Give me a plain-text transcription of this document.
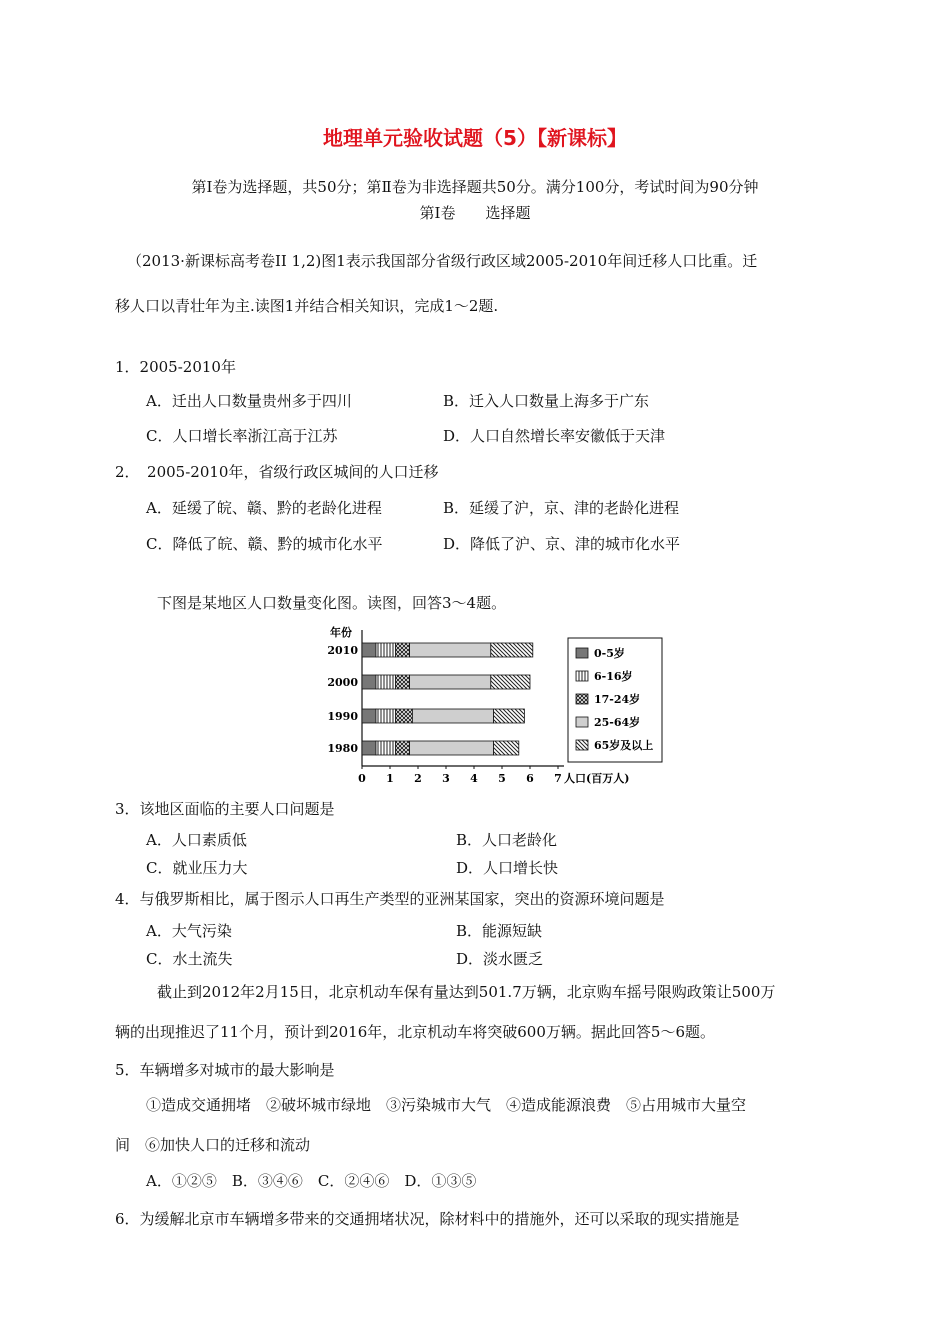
地理单元验收试题（5）【新课标】
第Ⅰ卷为选择题，共50分；第Ⅱ卷为非选择题共50分。满分100分，考试时间为90分钟
第Ⅰ卷　　选择题
（2013·新课标高考卷II 1,2)图1表示我国部分省级行政区域2005-2010年间迁移人口比重。迁
移人口以青壮年为主.读图1并结合相关知识，完成1～2题.
1．2005-2010年
A．迁出人口数量贵州多于四川	B．迁入人口数量上海多于广东
C．人口增长率浙江高于江苏	D．人口自然增长率安徽低于天津
2．　2005-2010年，省级行政区城间的人口迁移
A．延缓了皖、赣、黔的老龄化进程	B．延缓了沪，京、津的老龄化进程
C．降低了皖、赣、黔的城市化水平	D．降低了沪、京、津的城市化水平
下图是某地区人口数量变化图。读图，回答3～4题。
年份
0 1 2 3 4 5 6 7 人口(百万人)
2010
2000
1990
1980
0-5岁
6-16岁
17-24岁
25-64岁
65岁及以上
3．该地区面临的主要人口问题是
A．人口素质低	B．人口老龄化
C．就业压力大	D．人口增长快
4．与俄罗斯相比，属于图示人口再生产类型的亚洲某国家，突出的资源环境问题是
A．大气污染	B．能源短缺
C．水土流失	D．淡水匮乏
截止到2012年2月15日，北京机动车保有量达到501.7万辆，北京购车摇号限购政策让500万
辆的出现推迟了11个月，预计到2016年，北京机动车将突破600万辆。据此回答5～6题。
5．车辆增多对城市的最大影响是
①造成交通拥堵　②破坏城市绿地　③污染城市大气　④造成能源浪费　⑤占用城市大量空
间　⑥加快人口的迁移和流动
A．①②⑤　B．③④⑥　C．②④⑥　D．①③⑤
6．为缓解北京市车辆增多带来的交通拥堵状况，除材料中的措施外，还可以采取的现实措施是
